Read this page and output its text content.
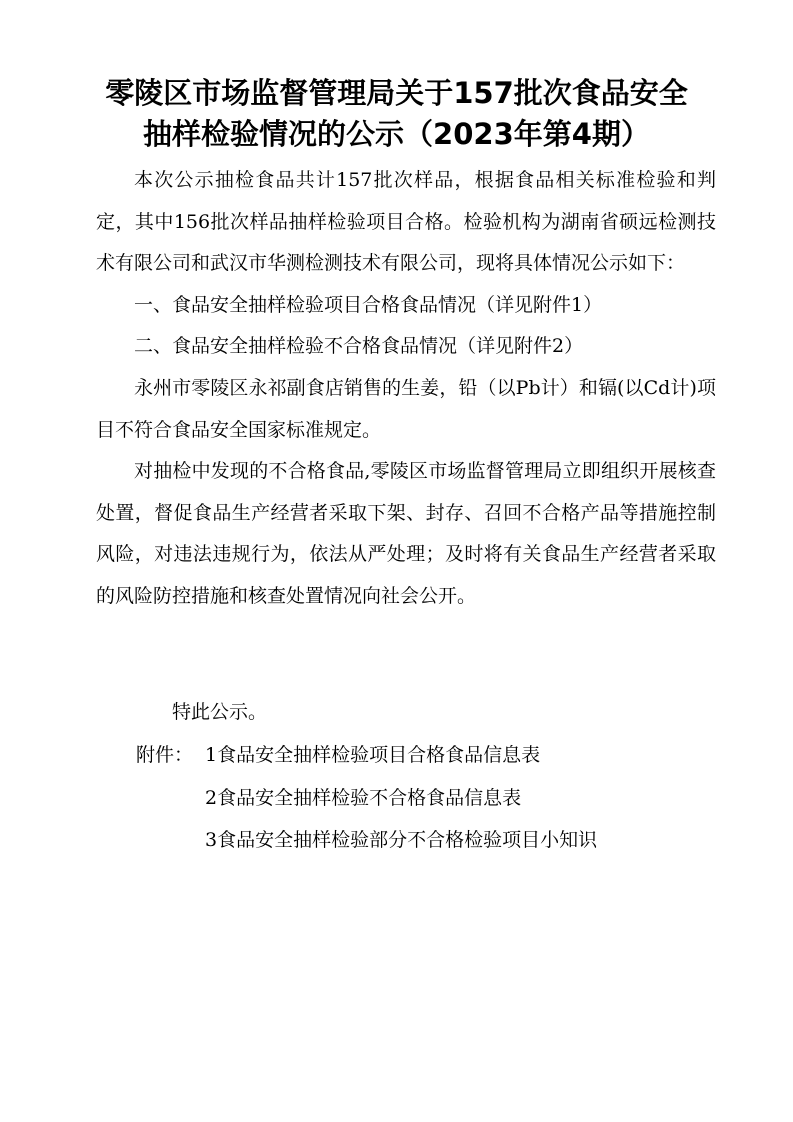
零陵区市场监督管理局关于157批次食品安全
抽样检验情况的公示（2023年第4期）

本次公示抽检食品共计157批次样品，根据食品相关标准检验和判定，其中156批次样品抽样检验项目合格。检验机构为湖南省硕远检测技术有限公司和武汉市华测检测技术有限公司，现将具体情况公示如下：

一、食品安全抽样检验项目合格食品情况（详见附件1）

二、食品安全抽样检验不合格食品情况（详见附件2）

永州市零陵区永祁副食店销售的生姜，铅（以Pb计）和镉(以Cd计)项目不符合食品安全国家标准规定。

对抽检中发现的不合格食品,零陵区市场监督管理局立即组织开展核查处置，督促食品生产经营者采取下架、封存、召回不合格产品等措施控制风险，对违法违规行为，依法从严处理；及时将有关食品生产经营者采取的风险防控措施和核查处置情况向社会公开。

特此公示。
附件： 1食品安全抽样检验项目合格食品信息表
2食品安全抽样检验不合格食品信息表
3食品安全抽样检验部分不合格检验项目小知识
